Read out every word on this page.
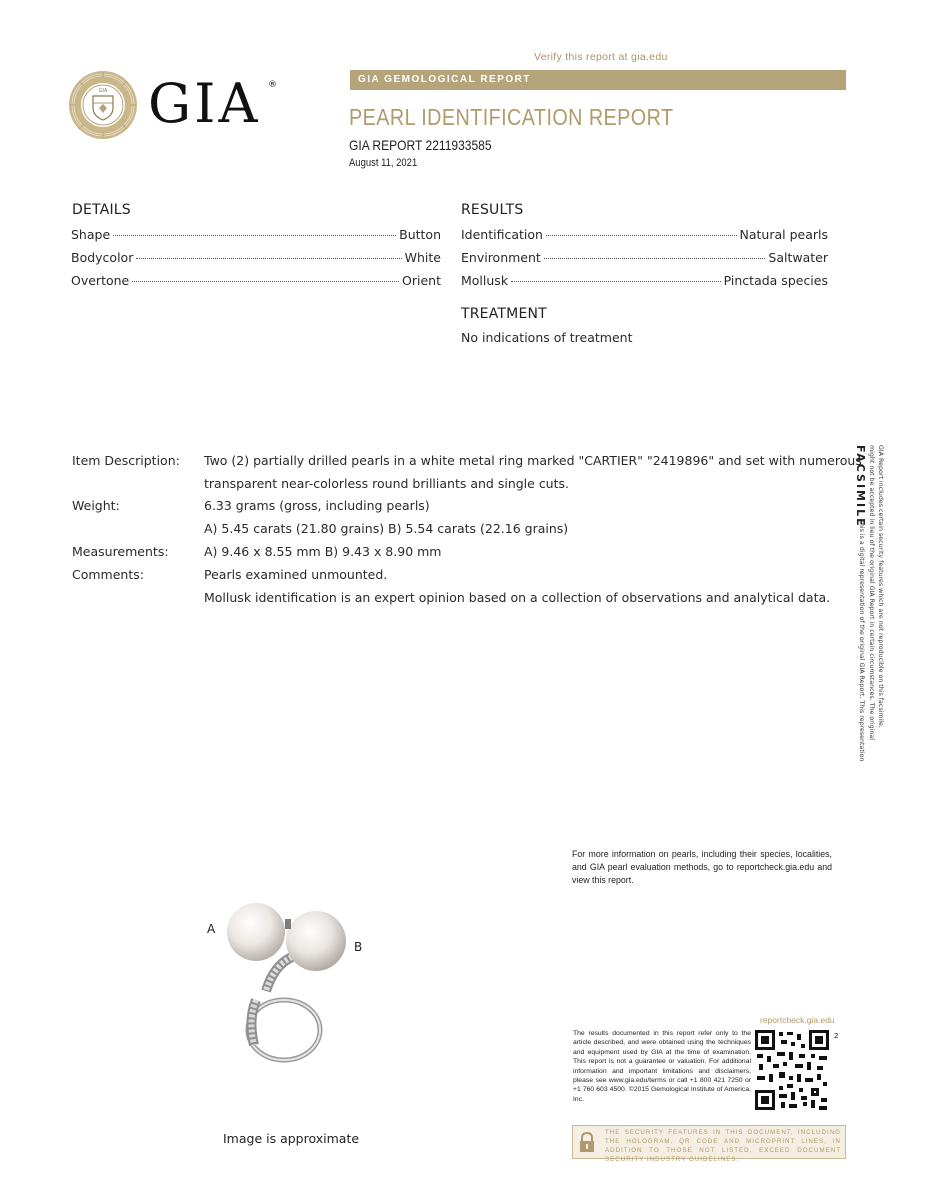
Verify this report at gia.edu
GIA GIA ®	GIA GEMOLOGICAL REPORT
PEARL IDENTIFICATION REPORT
GIA REPORT 2211933585
August 11, 2021
DETAILS
Shape	Button
Bodycolor	White
Overtone	Orient
RESULTS
Identification	Natural pearls
Environment	Saltwater
Mollusk	Pinctada species
TREATMENT
No indications of treatment
Item Description: Two (2) partially drilled pearls in a white metal ring marked "CARTIER" "2419896" and set with numerous
transparent near-colorless round brilliants and single cuts.
Weight:	6.33 grams (gross, including pearls)
A) 5.45 carats (21.80 grains) B) 5.54 carats (22.16 grains)
Measurements:	A) 9.46 x 8.55 mm B) 9.43 x 8.90 mm
Comments:	Pearls examined unmounted.
Mollusk identification is an expert opinion based on a collection of observations and analytical data.
FACSIMILE
This is a digital representation of the original GIA Report. This representation might not be accepted in lieu of the original GIA Report in certain circumstances. The original GIA Report includes certain security features which are not reproducible on this facsimile.
For more information on pearls, including their species, localities, and GIA pearl evaluation methods, go to reportcheck.gia.edu and view this report.
A
B
Image is approximate
reportcheck.gia.edu
The results documented in this report refer only to the article described, and were obtained using the techniques and equipment used by GIA at the time of examination. This report is not a guarantee or valuation. For additional information and important limitations and disclaimers, please see www.gia.edu/terms or call +1 800 421 7250 or +1 760 603 4500. ©2015 Gemological Institute of America, Inc.
2
THE SECURITY FEATURES IN THIS DOCUMENT, INCLUDING THE HOLOGRAM, QR CODE AND MICROPRINT LINES, IN ADDITION TO THOSE NOT LISTED, EXCEED DOCUMENT SECURITY INDUSTRY GUIDELINES.
